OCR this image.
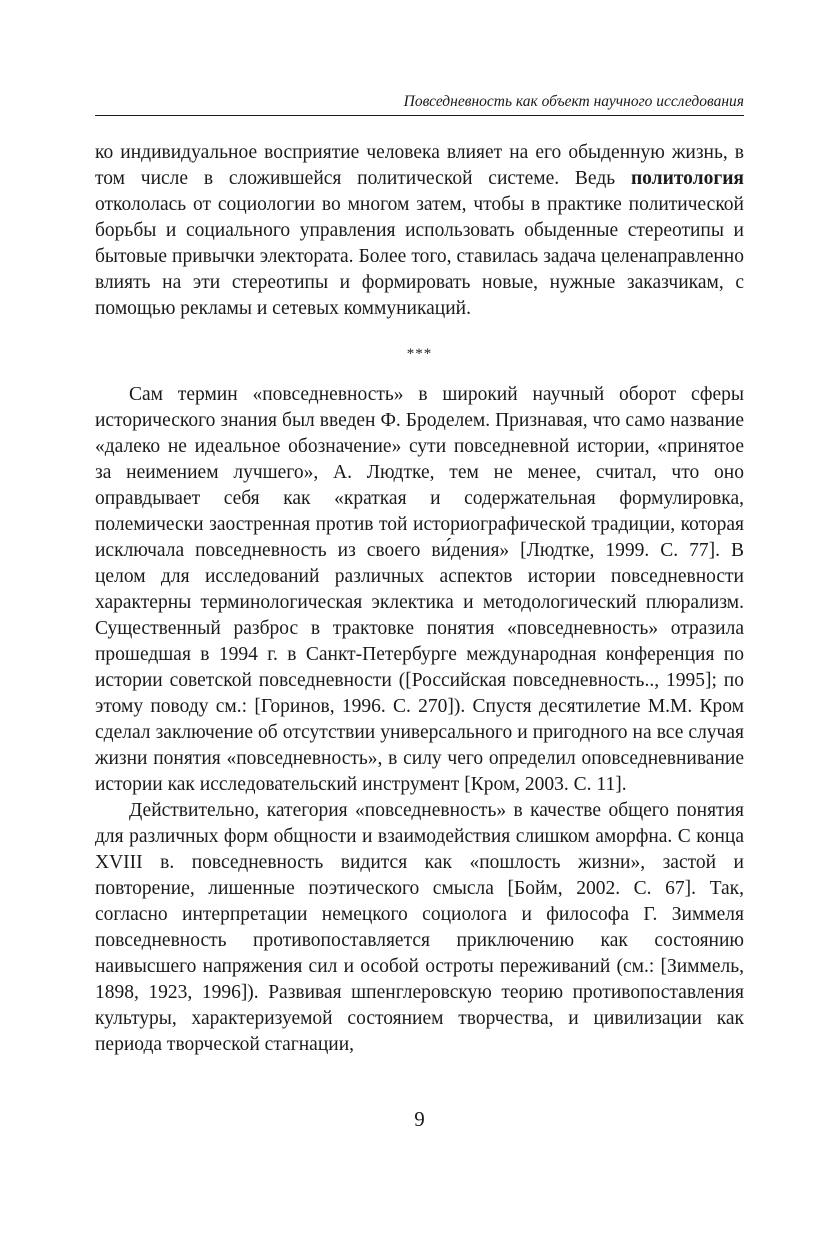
Повседневность как объект научного исследования

ко индивидуальное восприятие человека влияет на его обыденную жизнь, в том числе в сложившейся политической системе. Ведь политология откололась от социологии во многом затем, чтобы в практике политической борьбы и социального управления использовать обыденные стереотипы и бытовые привычки электората. Более того, ставилась задача целенаправленно влиять на эти стереотипы и формировать новые, нужные заказчикам, с помощью рекламы и сетевых коммуникаций.

***

Сам термин «повседневность» в широкий научный оборот сферы исторического знания был введен Ф. Броделем. Признавая, что само название «далеко не идеальное обозначение» сути повседневной истории, «принятое за неимением лучшего», А. Людтке, тем не менее, считал, что оно оправдывает себя как «краткая и содержательная формулировка, полемически заостренная против той историографической традиции, которая исключала повседневность из своего ви́дения» [Людтке, 1999. С. 77]. В целом для исследований различных аспектов истории повседневности характерны терминологическая эклектика и методологический плюрализм. Существенный разброс в трактовке понятия «повседневность» отразила прошедшая в 1994 г. в Санкт-Петербурге международная конференция по истории советской повседневности ([Российская повседневность.., 1995]; по этому поводу см.: [Горинов, 1996. С. 270]). Спустя десятилетие М.М. Кром сделал заключение об отсутствии универсального и пригодного на все случая жизни понятия «повседневность», в силу чего определил оповседневнивание истории как исследовательский инструмент [Кром, 2003. С. 11].

Действительно, категория «повседневность» в качестве общего понятия для различных форм общности и взаимодействия слишком аморфна. С конца XVIII в. повседневность видится как «пошлость жизни», застой и повторение, лишенные поэтического смысла [Бойм, 2002. С. 67]. Так, согласно интерпретации немецкого социолога и философа Г. Зиммеля повседневность противопоставляется приключению как состоянию наивысшего напряжения сил и особой остроты переживаний (см.: [Зиммель, 1898, 1923, 1996]). Развивая шпенглеровскую теорию противопоставления культуры, характеризуемой состоянием творчества, и цивилизации как периода творческой стагнации,

9
